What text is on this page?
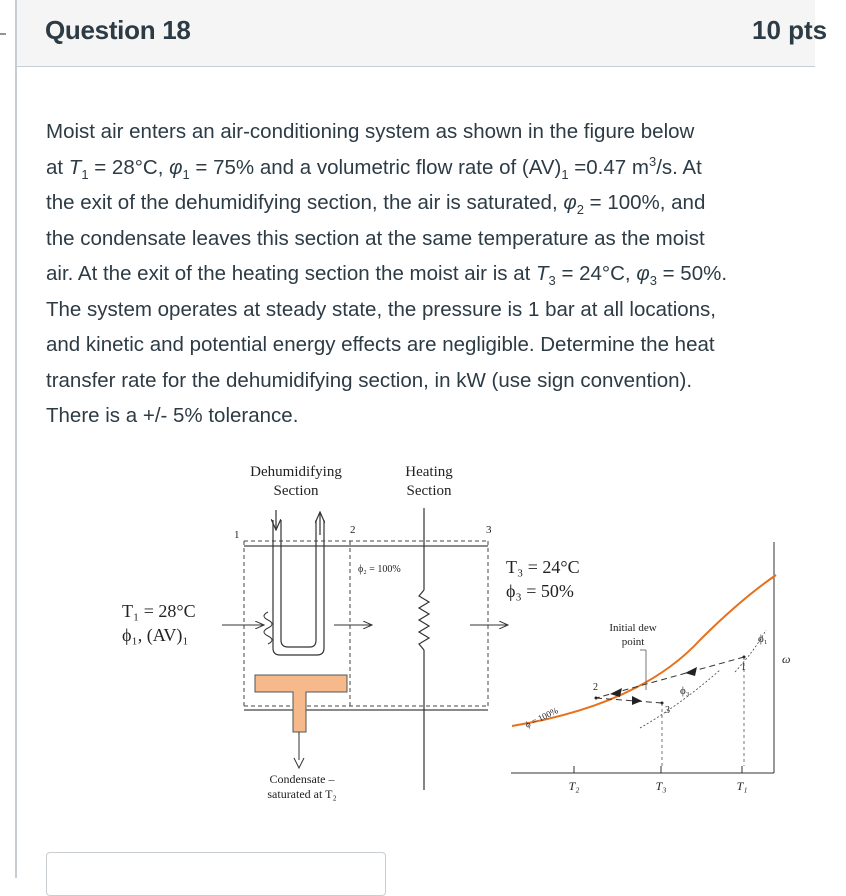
Question 18	10 pts
Moist air enters an air-conditioning system as shown in the figure below
at $T_1 = 28^\circ C$, $\varphi_1 = 75\%$ and a volumetric flow rate of $(AV)_1 =0.47$ $m^3/s$. At
the exit of the dehumidifying section, the air is saturated, $\varphi_2 = 100\%$, and
the condensate leaves this section at the same temperature as the moist
air. At the exit of the heating section the moist air is at $T_3 = 24^\circ C$, $\varphi_3 = 50\%$.
The system operates at steady state, the pressure is 1 bar at all locations,
and kinetic and potential energy effects are negligible. Determine the heat
transfer rate for the dehumidifying section, in kW (use sign convention).
There is a +/- 5% tolerance.
Dehumidifying
Section
Heating
Section
1	2	3
ϕ₂ = 100%	T₃ = 24°C
ϕ₃ = 50%
T₁ = 28°C
ϕ₁, (AV)₁
Condensate –
saturated at T₂
Initial dew
point
ϕ = 100%
2
3
1
ϕ₃
ϕ₁
ω
T₂	T₃	T₁
